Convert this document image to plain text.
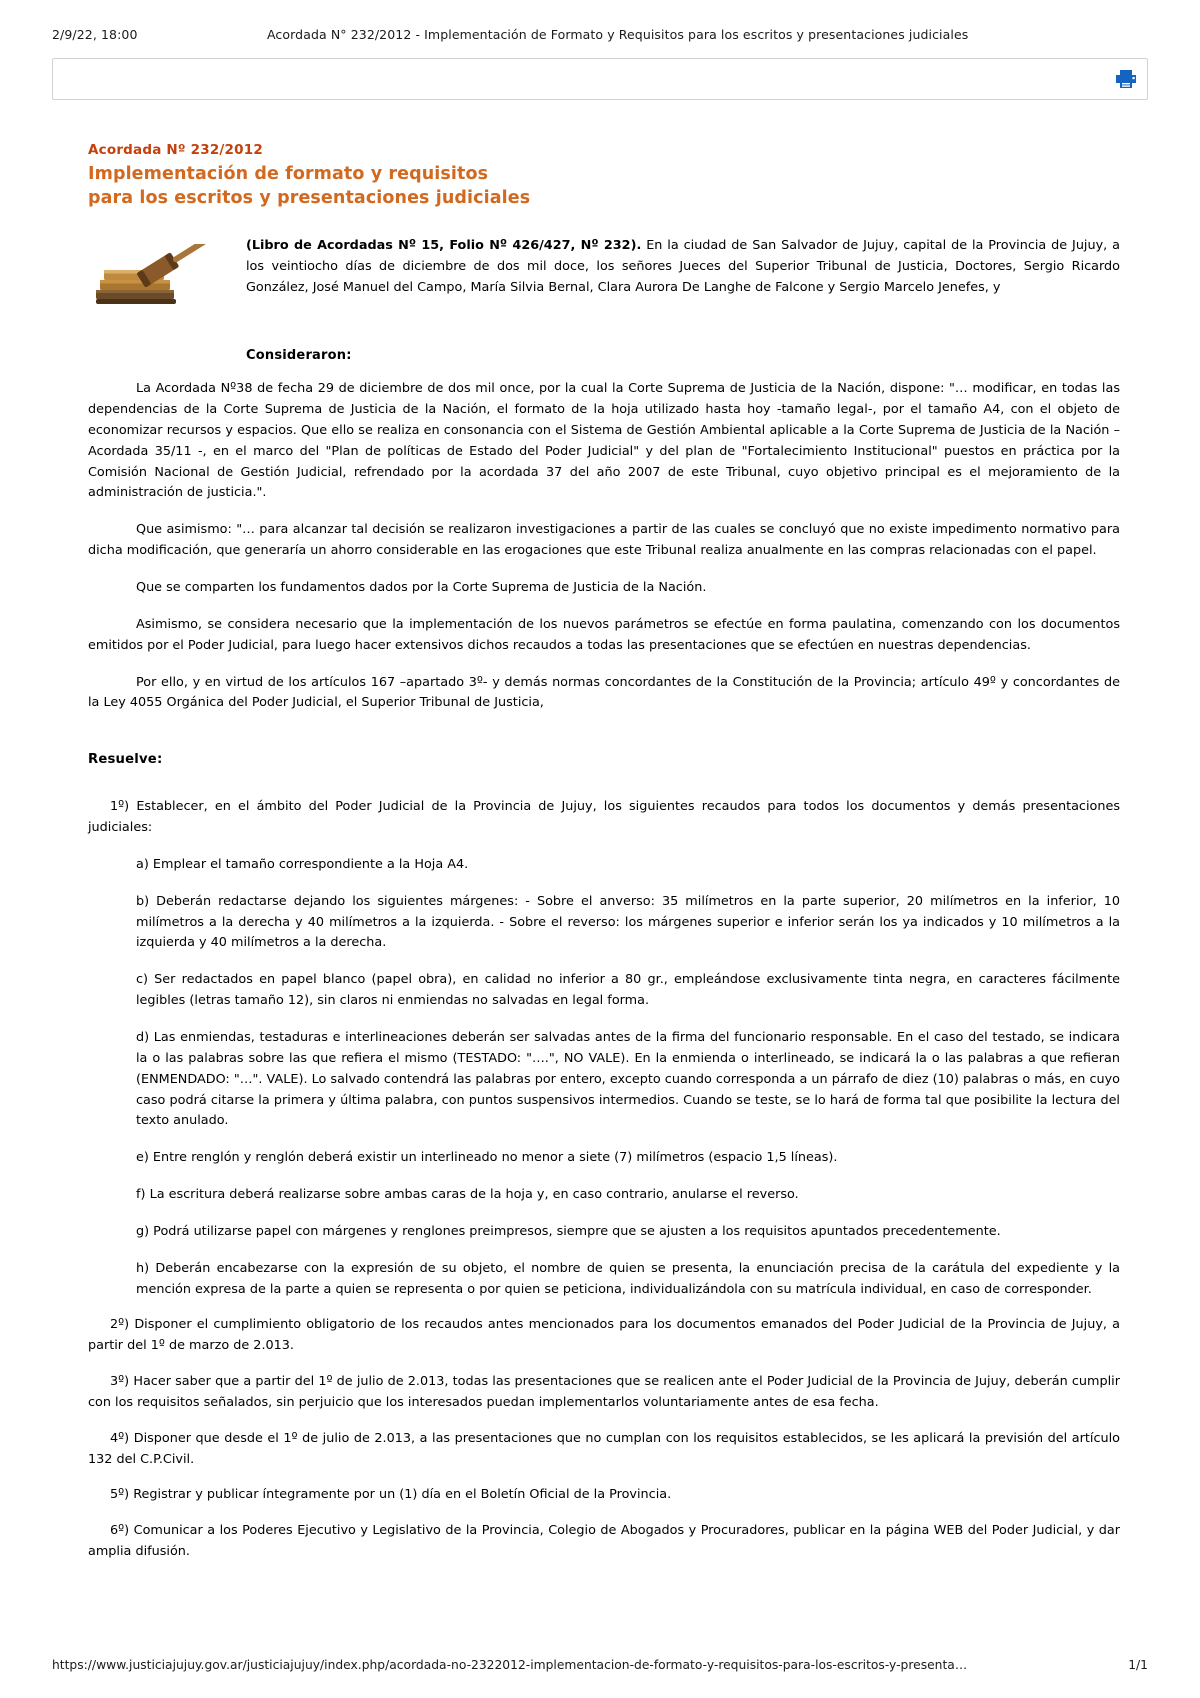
2/9/22, 18:00	Acordada N° 232/2012 - Implementación de Formato y Requisitos para los escritos y presentaciones judiciales
Acordada Nº 232/2012
Implementación de formato y requisitos
para los escritos y presentaciones judiciales
(Libro de Acordadas Nº 15, Folio Nº 426/427, Nº 232). En la ciudad de San Salvador de Jujuy, capital de la Provincia de Jujuy, a los veintiocho días de diciembre de dos mil doce, los señores Jueces del Superior Tribunal de Justicia, Doctores, Sergio Ricardo González, José Manuel del Campo, María Silvia Bernal, Clara Aurora De Langhe de Falcone y Sergio Marcelo Jenefes, y
Consideraron:

La Acordada Nº38 de fecha 29 de diciembre de dos mil once, por la cual la Corte Suprema de Justicia de la Nación, dispone: "… modificar, en todas las dependencias de la Corte Suprema de Justicia de la Nación, el formato de la hoja utilizado hasta hoy -tamaño legal-, por el tamaño A4, con el objeto de economizar recursos y espacios. Que ello se realiza en consonancia con el Sistema de Gestión Ambiental aplicable a la Corte Suprema de Justicia de la Nación –Acordada 35/11 -, en el marco del "Plan de políticas de Estado del Poder Judicial" y del plan de "Fortalecimiento Institucional" puestos en práctica por la Comisión Nacional de Gestión Judicial, refrendado por la acordada 37 del año 2007 de este Tribunal, cuyo objetivo principal es el mejoramiento de la administración de justicia.".

Que asimismo: "… para alcanzar tal decisión se realizaron investigaciones a partir de las cuales se concluyó que no existe impedimento normativo para dicha modificación, que generaría un ahorro considerable en las erogaciones que este Tribunal realiza anualmente en las compras relacionadas con el papel.

Que se comparten los fundamentos dados por la Corte Suprema de Justicia de la Nación.

Asimismo, se considera necesario que la implementación de los nuevos parámetros se efectúe en forma paulatina, comenzando con los documentos emitidos por el Poder Judicial, para luego hacer extensivos dichos recaudos a todas las presentaciones que se efectúen en nuestras dependencias.

Por ello, y en virtud de los artículos 167 –apartado 3º- y demás normas concordantes de la Constitución de la Provincia; artículo 49º y concordantes de la Ley 4055 Orgánica del Poder Judicial, el Superior Tribunal de Justicia,

Resuelve:

1º) Establecer, en el ámbito del Poder Judicial de la Provincia de Jujuy, los siguientes recaudos para todos los documentos y demás presentaciones judiciales:

a) Emplear el tamaño correspondiente a la Hoja A4.

b) Deberán redactarse dejando los siguientes márgenes: - Sobre el anverso: 35 milímetros en la parte superior, 20 milímetros en la inferior, 10 milímetros a la derecha y 40 milímetros a la izquierda. - Sobre el reverso: los márgenes superior e inferior serán los ya indicados y 10 milímetros a la izquierda y 40 milímetros a la derecha.

c) Ser redactados en papel blanco (papel obra), en calidad no inferior a 80 gr., empleándose exclusivamente tinta negra, en caracteres fácilmente legibles (letras tamaño 12), sin claros ni enmiendas no salvadas en legal forma.

d) Las enmiendas, testaduras e interlineaciones deberán ser salvadas antes de la firma del funcionario responsable. En el caso del testado, se indicara la o las palabras sobre las que refiera el mismo (TESTADO: "….", NO VALE). En la enmienda o interlineado, se indicará la o las palabras a que refieran (ENMENDADO: "…". VALE). Lo salvado contendrá las palabras por entero, excepto cuando corresponda a un párrafo de diez (10) palabras o más, en cuyo caso podrá citarse la primera y última palabra, con puntos suspensivos intermedios. Cuando se teste, se lo hará de forma tal que posibilite la lectura del texto anulado.

e) Entre renglón y renglón deberá existir un interlineado no menor a siete (7) milímetros (espacio 1,5 líneas).

f) La escritura deberá realizarse sobre ambas caras de la hoja y, en caso contrario, anularse el reverso.

g) Podrá utilizarse papel con márgenes y renglones preimpresos, siempre que se ajusten a los requisitos apuntados precedentemente.

h) Deberán encabezarse con la expresión de su objeto, el nombre de quien se presenta, la enunciación precisa de la carátula del expediente y la mención expresa de la parte a quien se representa o por quien se peticiona, individualizándola con su matrícula individual, en caso de corresponder.

2º) Disponer el cumplimiento obligatorio de los recaudos antes mencionados para los documentos emanados del Poder Judicial de la Provincia de Jujuy, a partir del 1º de marzo de 2.013.

3º) Hacer saber que a partir del 1º de julio de 2.013, todas las presentaciones que se realicen ante el Poder Judicial de la Provincia de Jujuy, deberán cumplir con los requisitos señalados, sin perjuicio que los interesados puedan implementarlos voluntariamente antes de esa fecha.

4º) Disponer que desde el 1º de julio de 2.013, a las presentaciones que no cumplan con los requisitos establecidos, se les aplicará la previsión del artículo 132 del C.P.Civil.

5º) Registrar y publicar íntegramente por un (1) día en el Boletín Oficial de la Provincia.

6º) Comunicar a los Poderes Ejecutivo y Legislativo de la Provincia, Colegio de Abogados y Procuradores, publicar en la página WEB del Poder Judicial, y dar amplia difusión.

https://www.justiciajujuy.gov.ar/justiciajujuy/index.php/acordada-no-2322012-implementacion-de-formato-y-requisitos-para-los-escritos-y-presenta…	1/1
